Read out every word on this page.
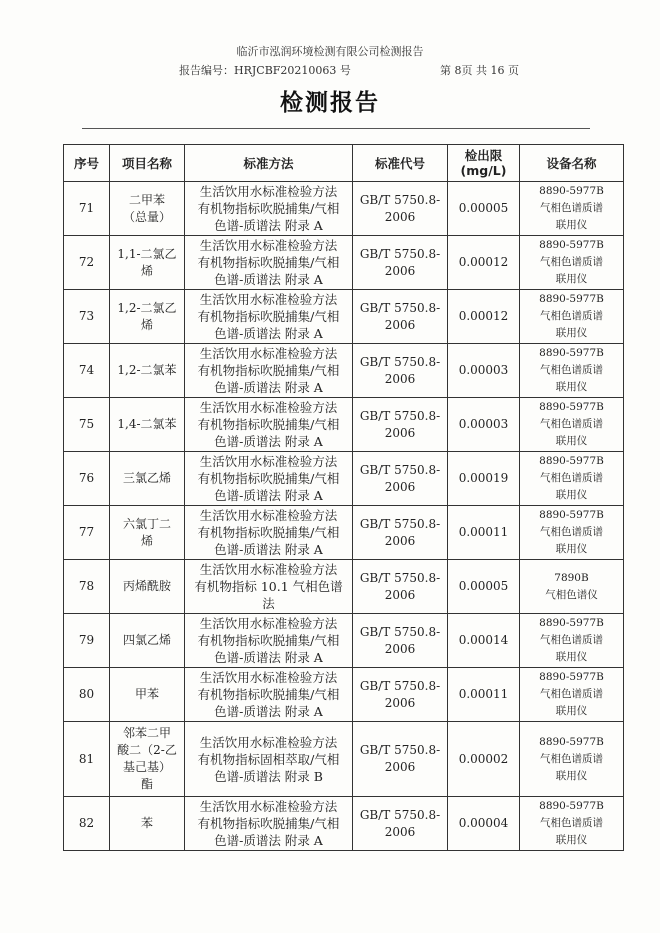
临沂市泓润环境检测有限公司检测报告
报告编号：HRJCBF20210063 号	第 8页 共 16 页
检测报告
序号	项目名称	标准方法	标准代号	检出限
(mg/L)	设备名称
71	二甲苯
（总量）	生活饮用水标准检验方法
有机物指标吹脱捕集/气相
色谱-质谱法 附录 A	GB/T 5750.8-
2006	0.00005	8890-5977B
气相色谱质谱
联用仪
72	1,1-二氯乙
烯	生活饮用水标准检验方法
有机物指标吹脱捕集/气相
色谱-质谱法 附录 A	GB/T 5750.8-
2006	0.00012	8890-5977B
气相色谱质谱
联用仪
73	1,2-二氯乙
烯	生活饮用水标准检验方法
有机物指标吹脱捕集/气相
色谱-质谱法 附录 A	GB/T 5750.8-
2006	0.00012	8890-5977B
气相色谱质谱
联用仪
74	1,2-二氯苯	生活饮用水标准检验方法
有机物指标吹脱捕集/气相
色谱-质谱法 附录 A	GB/T 5750.8-
2006	0.00003	8890-5977B
气相色谱质谱
联用仪
75	1,4-二氯苯	生活饮用水标准检验方法
有机物指标吹脱捕集/气相
色谱-质谱法 附录 A	GB/T 5750.8-
2006	0.00003	8890-5977B
气相色谱质谱
联用仪
76	三氯乙烯	生活饮用水标准检验方法
有机物指标吹脱捕集/气相
色谱-质谱法 附录 A	GB/T 5750.8-
2006	0.00019	8890-5977B
气相色谱质谱
联用仪
77	六氯丁二
烯	生活饮用水标准检验方法
有机物指标吹脱捕集/气相
色谱-质谱法 附录 A	GB/T 5750.8-
2006	0.00011	8890-5977B
气相色谱质谱
联用仪
78	丙烯酰胺	生活饮用水标准检验方法
有机物指标 10.1 气相色谱
法	GB/T 5750.8-
2006	0.00005	7890B
气相色谱仪
79	四氯乙烯	生活饮用水标准检验方法
有机物指标吹脱捕集/气相
色谱-质谱法 附录 A	GB/T 5750.8-
2006	0.00014	8890-5977B
气相色谱质谱
联用仪
80	甲苯	生活饮用水标准检验方法
有机物指标吹脱捕集/气相
色谱-质谱法 附录 A	GB/T 5750.8-
2006	0.00011	8890-5977B
气相色谱质谱
联用仪
81	邻苯二甲
酸二（2-乙
基己基）
酯	生活饮用水标准检验方法
有机物指标固相萃取/气相
色谱-质谱法 附录 B	GB/T 5750.8-
2006	0.00002	8890-5977B
气相色谱质谱
联用仪
82	苯	生活饮用水标准检验方法
有机物指标吹脱捕集/气相
色谱-质谱法 附录 A	GB/T 5750.8-
2006	0.00004	8890-5977B
气相色谱质谱
联用仪
